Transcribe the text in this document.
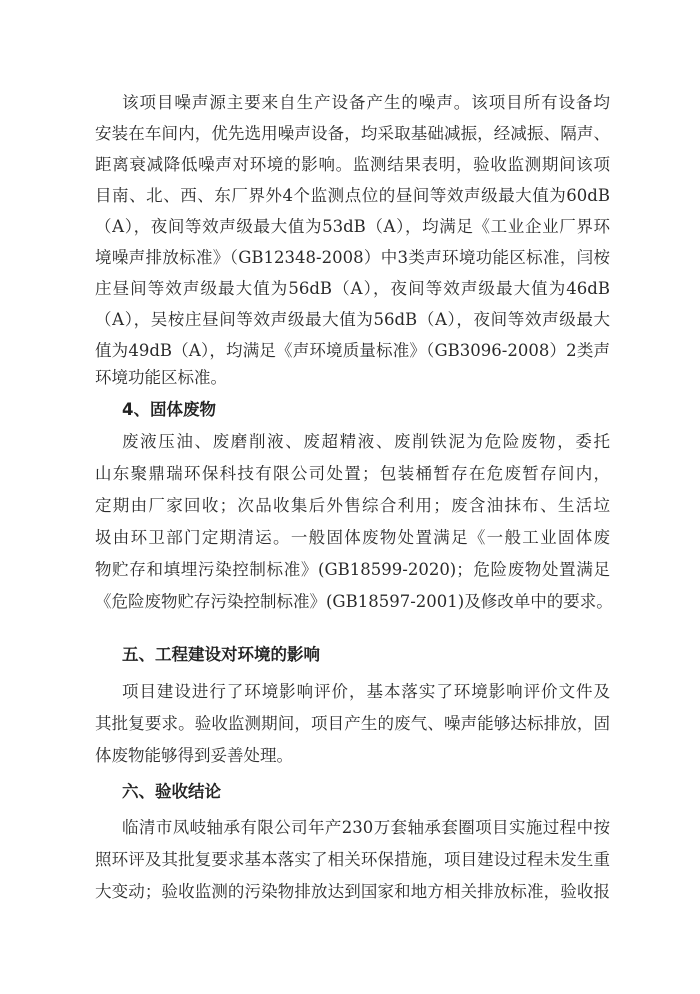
该项目噪声源主要来自生产设备产生的噪声。该项目所有设备均
安装在车间内，优先选用噪声设备，均采取基础减振，经减振、隔声、
距离衰减降低噪声对环境的影响。监测结果表明，验收监测期间该项
目南、北、西、东厂界外4个监测点位的昼间等效声级最大值为60dB
（A），夜间等效声级最大值为53dB（A），均满足《工业企业厂界环
境噪声排放标准》（GB12348-2008）中3类声环境功能区标准，闫桉
庄昼间等效声级最大值为56dB（A），夜间等效声级最大值为46dB
（A），吴桉庄昼间等效声级最大值为56dB（A），夜间等效声级最大
值为49dB（A），均满足《声环境质量标准》（GB3096-2008）2类声
环境功能区标准。
4、固体废物
废液压油、废磨削液、废超精液、废削铁泥为危险废物，委托
山东聚鼎瑞环保科技有限公司处置；包装桶暂存在危废暂存间内，
定期由厂家回收；次品收集后外售综合利用；废含油抹布、生活垃
圾由环卫部门定期清运。一般固体废物处置满足《一般工业固体废
物贮存和填埋污染控制标准》(GB18599-2020)；危险废物处置满足
《危险废物贮存污染控制标准》(GB18597-2001)及修改单中的要求。
五、工程建设对环境的影响
项目建设进行了环境影响评价，基本落实了环境影响评价文件及
其批复要求。验收监测期间，项目产生的废气、噪声能够达标排放，固
体废物能够得到妥善处理。
六、验收结论
临清市凤岐轴承有限公司年产230万套轴承套圈项目实施过程中按
照环评及其批复要求基本落实了相关环保措施，项目建设过程未发生重
大变动；验收监测的污染物排放达到国家和地方相关排放标准，验收报
